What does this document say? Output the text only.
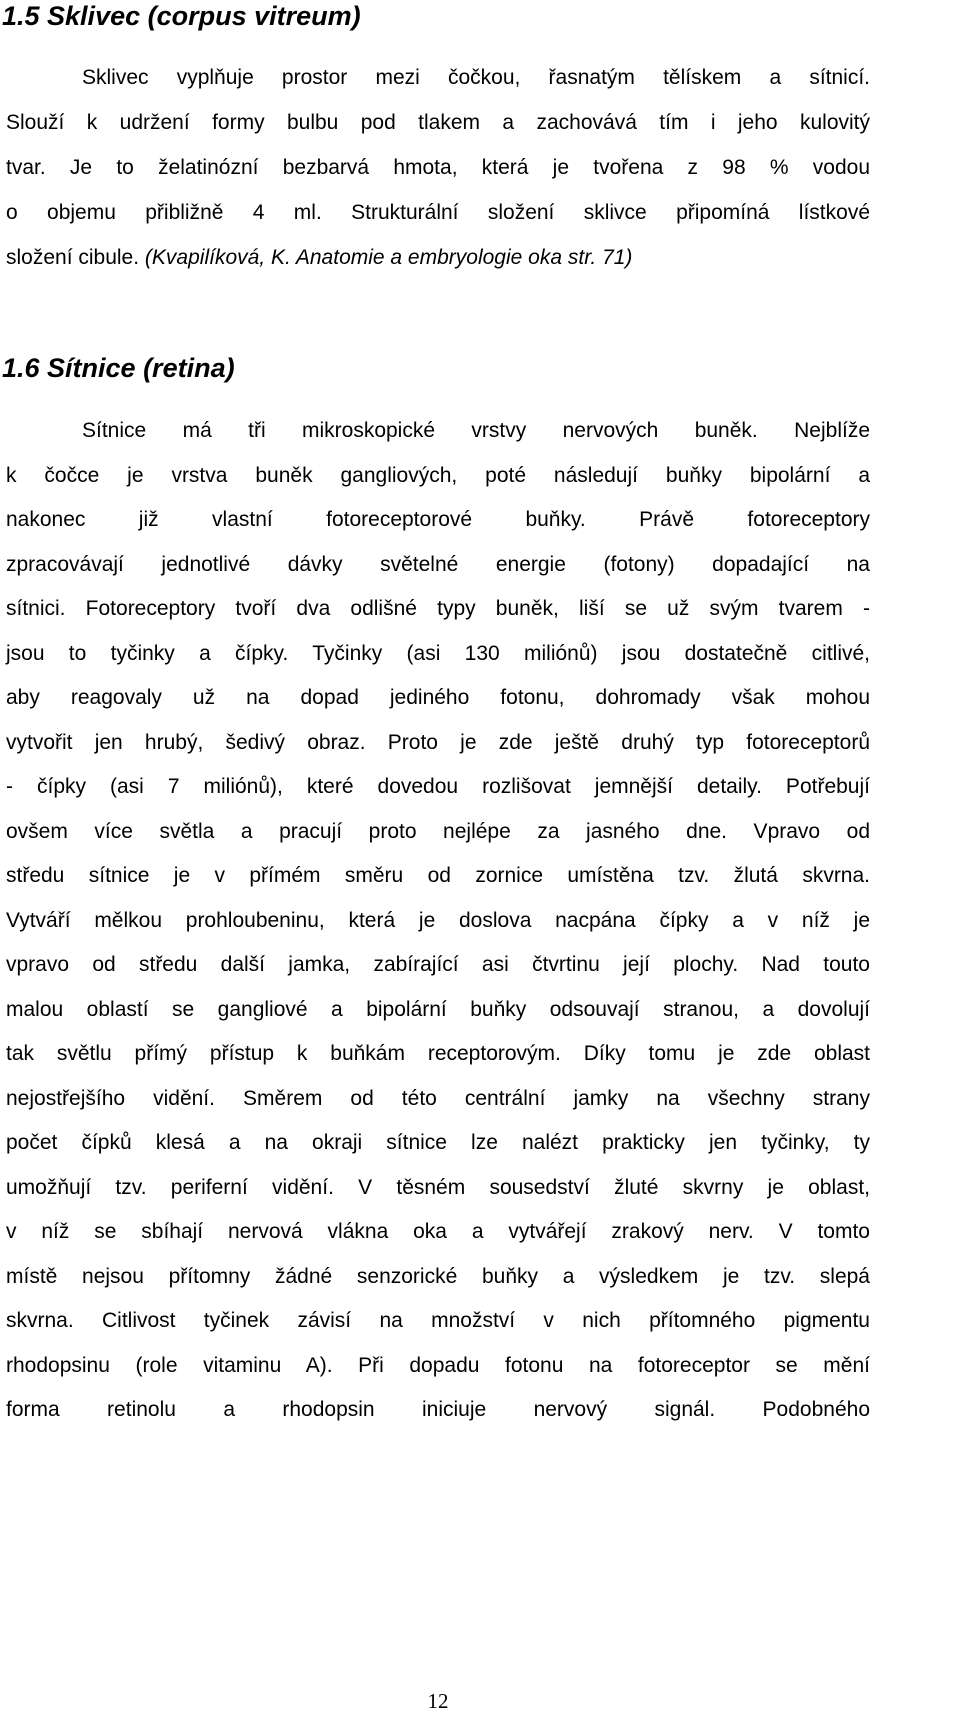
1.5 Sklivec (corpus vitreum)
Sklivec vyplňuje prostor mezi čočkou, řasnatým tělískem a sítnicí.
Slouží k udržení formy bulbu pod tlakem a zachovává tím i jeho kulovitý
tvar. Je to želatinózní bezbarvá hmota, která je tvořena z 98 % vodou
o objemu přibližně 4 ml. Strukturální složení sklivce připomíná lístkové
složení cibule. (Kvapilíková, K. Anatomie a embryologie oka str. 71)
1.6 Sítnice (retina)
Sítnice má tři mikroskopické vrstvy nervových buněk. Nejblíže
k čočce je vrstva buněk gangliových, poté následují buňky bipolární a
nakonec již vlastní fotoreceptorové buňky. Právě fotoreceptory
zpracovávají jednotlivé dávky světelné energie (fotony) dopadající na
sítnici. Fotoreceptory tvoří dva odlišné typy buněk, liší se už svým tvarem -
jsou to tyčinky a čípky. Tyčinky (asi 130 miliónů) jsou dostatečně citlivé,
aby reagovaly už na dopad jediného fotonu, dohromady však mohou
vytvořit jen hrubý, šedivý obraz. Proto je zde ještě druhý typ fotoreceptorů
- čípky (asi 7 miliónů), které dovedou rozlišovat jemnější detaily. Potřebují
ovšem více světla a pracují proto nejlépe za jasného dne. Vpravo od
středu sítnice je v přímém směru od zornice umístěna tzv. žlutá skvrna.
Vytváří mělkou prohloubeninu, která je doslova nacpána čípky a v níž je
vpravo od středu další jamka, zabírající asi čtvrtinu její plochy. Nad touto
malou oblastí se gangliové a bipolární buňky odsouvají stranou, a dovolují
tak světlu přímý přístup k buňkám receptorovým. Díky tomu je zde oblast
nejostřejšího vidění. Směrem od této centrální jamky na všechny strany
počet čípků klesá a na okraji sítnice lze nalézt prakticky jen tyčinky, ty
umožňují tzv. periferní vidění. V těsném sousedství žluté skvrny je oblast,
v níž se sbíhají nervová vlákna oka a vytvářejí zrakový nerv. V tomto
místě nejsou přítomny žádné senzorické buňky a výsledkem je tzv. slepá
skvrna. Citlivost tyčinek závisí na množství v nich přítomného pigmentu
rhodopsinu (role vitaminu A). Při dopadu fotonu na fotoreceptor se mění
forma retinolu a rhodopsin iniciuje nervový signál. Podobného
12
